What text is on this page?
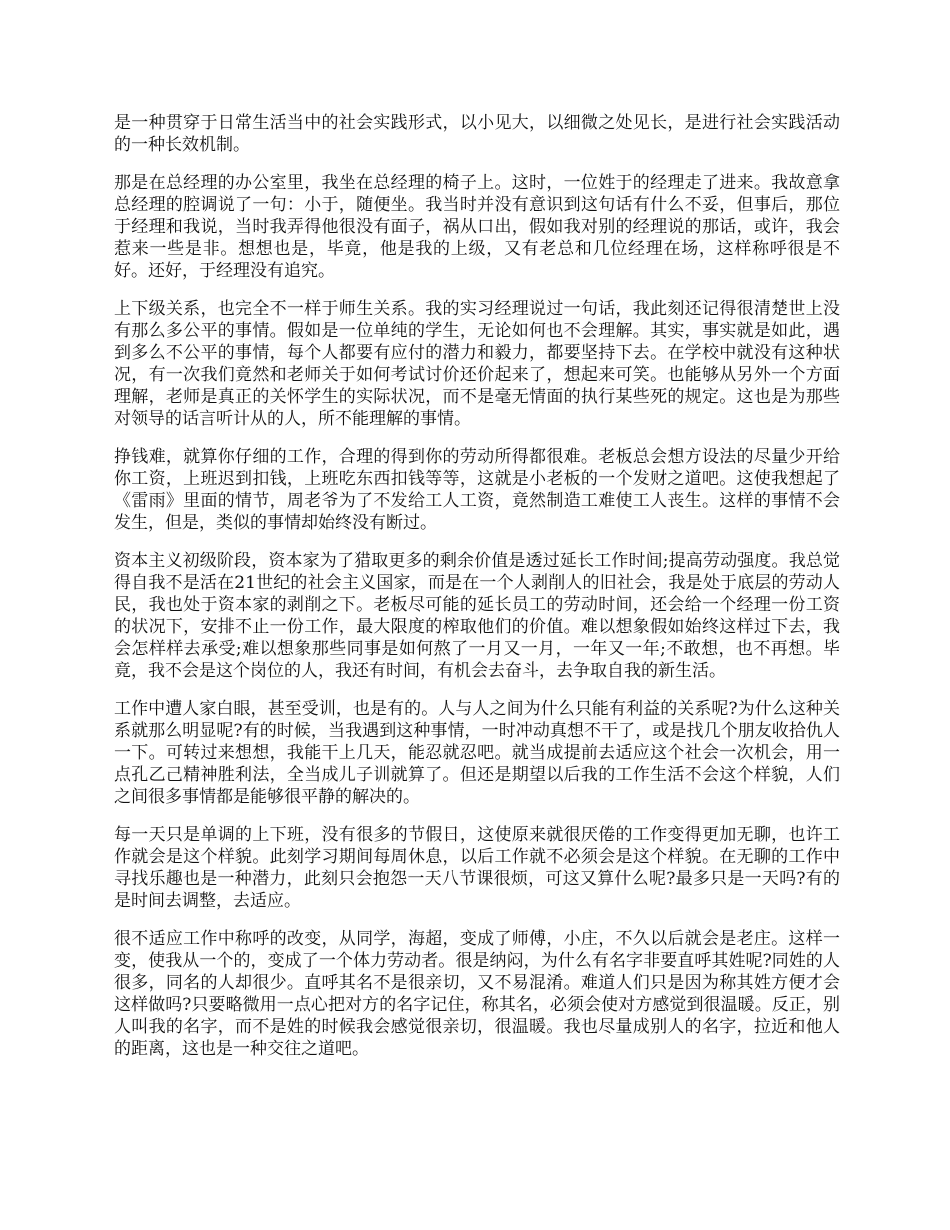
是一种贯穿于日常生活当中的社会实践形式，以小见大，以细微之处见长，是进行社会实践活动的一种长效机制。

那是在总经理的办公室里，我坐在总经理的椅子上。这时，一位姓于的经理走了进来。我故意拿总经理的腔调说了一句：小于，随便坐。我当时并没有意识到这句话有什么不妥，但事后，那位于经理和我说，当时我弄得他很没有面子，祸从口出，假如我对别的经理说的那话，或许，我会惹来一些是非。想想也是，毕竟，他是我的上级，又有老总和几位经理在场，这样称呼很是不好。还好，于经理没有追究。

上下级关系，也完全不一样于师生关系。我的实习经理说过一句话，我此刻还记得很清楚世上没有那么多公平的事情。假如是一位单纯的学生，无论如何也不会理解。其实，事实就是如此，遇到多么不公平的事情，每个人都要有应付的潜力和毅力，都要坚持下去。在学校中就没有这种状况，有一次我们竟然和老师关于如何考试讨价还价起来了，想起来可笑。也能够从另外一个方面理解，老师是真正的关怀学生的实际状况，而不是毫无情面的执行某些死的规定。这也是为那些对领导的话言听计从的人，所不能理解的事情。

挣钱难，就算你仔细的工作，合理的得到你的劳动所得都很难。老板总会想方设法的尽量少开给你工资，上班迟到扣钱，上班吃东西扣钱等等，这就是小老板的一个发财之道吧。这使我想起了《雷雨》里面的情节，周老爷为了不发给工人工资，竟然制造工难使工人丧生。这样的事情不会发生，但是，类似的事情却始终没有断过。

资本主义初级阶段，资本家为了猎取更多的剩余价值是透过延长工作时间;提高劳动强度。我总觉得自我不是活在21世纪的社会主义国家，而是在一个人剥削人的旧社会，我是处于底层的劳动人民，我也处于资本家的剥削之下。老板尽可能的延长员工的劳动时间，还会给一个经理一份工资的状况下，安排不止一份工作，最大限度的榨取他们的价值。难以想象假如始终这样过下去，我会怎样样去承受;难以想象那些同事是如何熬了一月又一月，一年又一年;不敢想，也不再想。毕竟，我不会是这个岗位的人，我还有时间，有机会去奋斗，去争取自我的新生活。

工作中遭人家白眼，甚至受训，也是有的。人与人之间为什么只能有利益的关系呢?为什么这种关系就那么明显呢?有的时候，当我遇到这种事情，一时冲动真想不干了，或是找几个朋友收拾仇人一下。可转过来想想，我能干上几天，能忍就忍吧。就当成提前去适应这个社会一次机会，用一点孔乙己精神胜利法，全当成儿子训就算了。但还是期望以后我的工作生活不会这个样貌，人们之间很多事情都是能够很平静的解决的。

每一天只是单调的上下班，没有很多的节假日，这使原来就很厌倦的工作变得更加无聊，也许工作就会是这个样貌。此刻学习期间每周休息，以后工作就不必须会是这个样貌。在无聊的工作中寻找乐趣也是一种潜力，此刻只会抱怨一天八节课很烦，可这又算什么呢?最多只是一天吗?有的是时间去调整，去适应。

很不适应工作中称呼的改变，从同学，海超，变成了师傅，小庄，不久以后就会是老庄。这样一变，使我从一个的，变成了一个体力劳动者。很是纳闷，为什么有名字非要直呼其姓呢?同姓的人很多，同名的人却很少。直呼其名不是很亲切，又不易混淆。难道人们只是因为称其姓方便才会这样做吗?只要略微用一点心把对方的名字记住，称其名，必须会使对方感觉到很温暖。反正，别人叫我的名字，而不是姓的时候我会感觉很亲切，很温暖。我也尽量成别人的名字，拉近和他人的距离，这也是一种交往之道吧。
